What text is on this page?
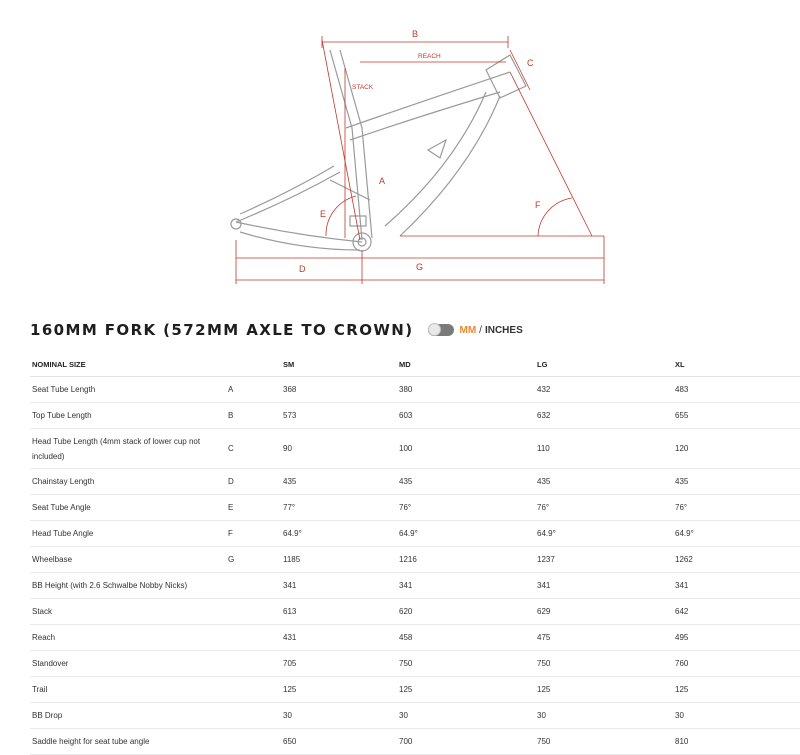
B
REACH
STACK
C
A
F
E
D	G
160MM FORK (572MM AXLE TO CROWN)	MM / INCHES
NOMINAL SIZE		SM	MD	LG	XL
Seat Tube Length	A	368	380	432	483
Top Tube Length	B	573	603	632	655
Head Tube Length (4mm stack of lower cup not included)	C	90	100	110	120
Chainstay Length	D	435	435	435	435
Seat Tube Angle	E	77°	76°	76°	76°
Head Tube Angle	F	64.9°	64.9°	64.9°	64.9°
Wheelbase	G	1185	1216	1237	1262
BB Height (with 2.6 Schwalbe Nobby Nicks)		341	341	341	341
Stack		613	620	629	642
Reach		431	458	475	495
Standover		705	750	750	760
Trail		125	125	125	125
BB Drop		30	30	30	30
Saddle height for seat tube angle		650	700	750	810
